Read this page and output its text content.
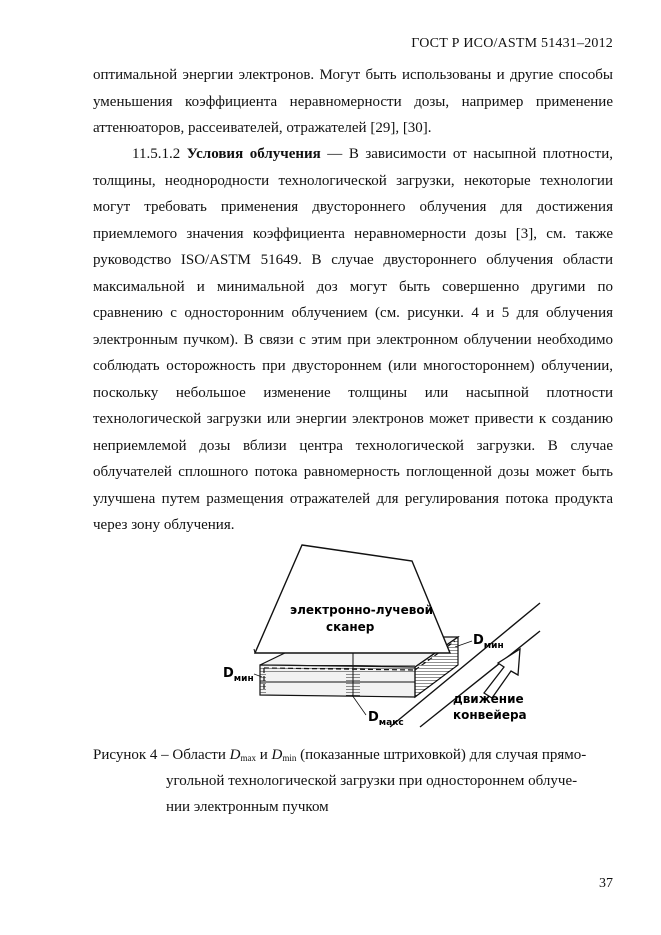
ГОСТ Р ИСО/ASTM 51431–2012
оптимальной энергии электронов. Могут быть использованы и другие способы уменьшения коэффициента неравномерности дозы, например применение аттенюаторов, рассеивателей, отражателей [29], [30].
11.5.1.2 Условия облучения — В зависимости от насыпной плотности, толщины, неоднородности технологической загрузки, некоторые технологии могут требовать применения двустороннего облучения для достижения приемлемого значения коэффициента неравномерности дозы [3], см. также руководство ISO/ASTM 51649. В случае двустороннего облучения области максимальной и минимальной доз могут быть совершенно другими по сравнению с односторонним облучением (см. рисунки. 4 и 5 для облучения электронным пучком). В связи с этим при электронном облучении необходимо соблюдать осторожность при двустороннем (или многостороннем) облучении, поскольку небольшое изменение толщины или насыпной плотности технологической загрузки или энергии электронов может привести к созданию неприемлемой дозы вблизи центра технологической загрузки. В случае облучателей сплошного потока равномерность поглощенной дозы может быть улучшена путем размещения отражателей для регулирования потока продукта через зону облучения.
электронно-лучевой
сканер
$D_{мин}$
$D_{мин}$
$D_{макс}$
движение
конвейера
Рисунок 4 – Области $D_{max}$ и $D_{min}$ (показанные штриховкой) для случая прямо-
угольной технологической загрузки при одностороннем облуче-
нии электронным пучком
37
